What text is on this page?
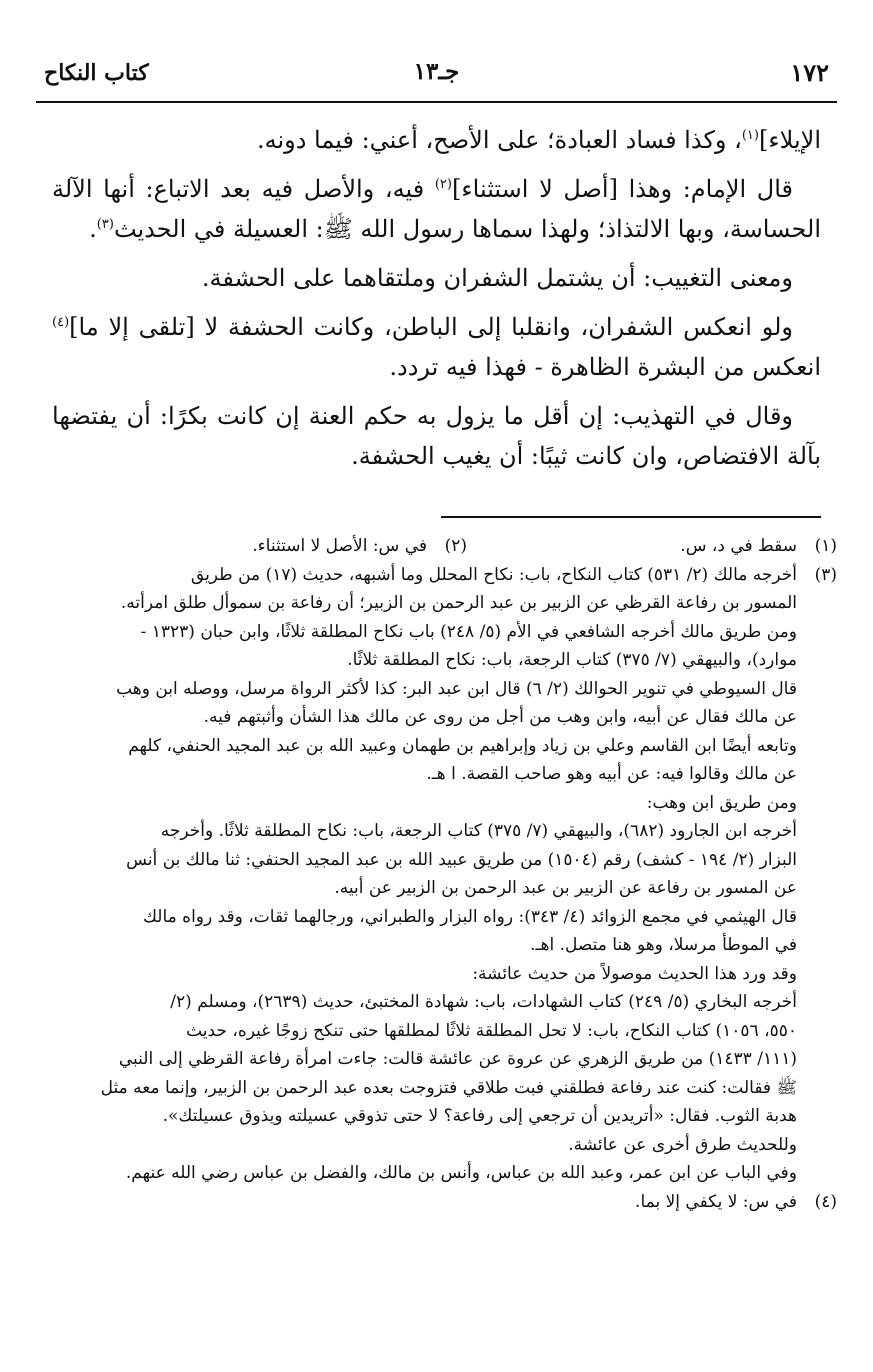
١٧٢
جـ١٣
كتاب النكاح

الإيلاء]$^{(١)}$، وكذا فساد العبادة؛ على الأصح، أعني: فيما دونه.

قال الإمام: وهذا [أصل لا استثناء]$^{(٢)}$ فيه، والأصل فيه بعد الاتباع: أنها الآلة الحساسة، وبها الالتذاذ؛ ولهذا سماها رسول الله ﷺ: العسيلة في الحديث$^{(٣)}$.

ومعنى التغييب: أن يشتمل الشفران وملتقاهما على الحشفة.

ولو انعكس الشفران، وانقلبا إلى الباطن، وكانت الحشفة لا [تلقى إلا ما]$^{(٤)}$ انعكس من البشرة الظاهرة - فهذا فيه تردد.

وقال في التهذيب: إن أقل ما يزول به حكم العنة إن كانت بكرًا: أن يفتضها بآلة الافتضاص، وان كانت ثيبًا: أن يغيب الحشفة.

(١)
سقط في د، س.
(٢)
في س: الأصل لا استثناء.
(٣)
أخرجه مالك (٢/ ٥٣١) كتاب النكاح، باب: نكاح المحلل وما أشبهه، حديث (١٧) من طريق
المسور بن رفاعة القرظي عن الزبير بن عبد الرحمن بن الزبير؛ أن رفاعة بن سموأل طلق امرأته.
ومن طريق مالك أخرجه الشافعي في الأم (٥/ ٢٤٨) باب نكاح المطلقة ثلاثًا، وابن حبان (١٣٢٣ -
موارد)، والبيهقي (٧/ ٣٧٥) كتاب الرجعة، باب: نكاح المطلقة ثلاثًا.
قال السيوطي في تنوير الحوالك (٢/ ٦) قال ابن عبد البر: كذا لأكثر الرواة مرسل، ووصله ابن وهب
عن مالك فقال عن أبيه، وابن وهب من أجل من روى عن مالك هذا الشأن وأثبتهم فيه.
وتابعه أيضًا ابن القاسم وعلي بن زياد وإبراهيم بن طهمان وعبيد الله بن عبد المجيد الحنفي، كلهم
عن مالك وقالوا فيه: عن أبيه وهو صاحب القصة. ا هـ.
ومن طريق ابن وهب:
أخرجه ابن الجارود (٦٨٢)، والبيهقي (٧/ ٣٧٥) كتاب الرجعة، باب: نكاح المطلقة ثلاثًا. وأخرجه
البزار (٢/ ١٩٤ - كشف) رقم (١٥٠٤) من طريق عبيد الله بن عبد المجيد الحنفي: ثنا مالك بن أنس
عن المسور بن رفاعة عن الزبير بن عبد الرحمن بن الزبير عن أبيه.
قال الهيثمي في مجمع الزوائد (٤/ ٣٤٣): رواه البزار والطبراني، ورجالهما ثقات، وقد رواه مالك
في الموطأ مرسلا، وهو هنا متصل. اهـ.
وقد ورد هذا الحديث موصولاً من حديث عائشة:
أخرجه البخاري (٥/ ٢٤٩) كتاب الشهادات، باب: شهادة المختبئ، حديث (٢٦٣٩)، ومسلم (٢/
٥٥٠، ١٠٥٦) كتاب النكاح، باب: لا تحل المطلقة ثلاثًا لمطلقها حتى تنكح زوجًا غيره، حديث
(١١١/ ١٤٣٣) من طريق الزهري عن عروة عن عائشة قالت: جاءت امرأة رفاعة القرظي إلى النبي
ﷺ فقالت: كنت عند رفاعة فطلقني فبت طلاقي فتزوجت بعده عبد الرحمن بن الزبير، وإنما معه مثل
هدبة الثوب. فقال: «أتريدين أن ترجعي إلى رفاعة؟ لا حتى تذوقي عسيلته ويذوق عسيلتك».
وللحديث طرق أخرى عن عائشة.
وفي الباب عن ابن عمر، وعبد الله بن عباس، وأنس بن مالك، والفضل بن عباس رضي الله عنهم.
(٤)
في س: لا يكفي إلا بما.
